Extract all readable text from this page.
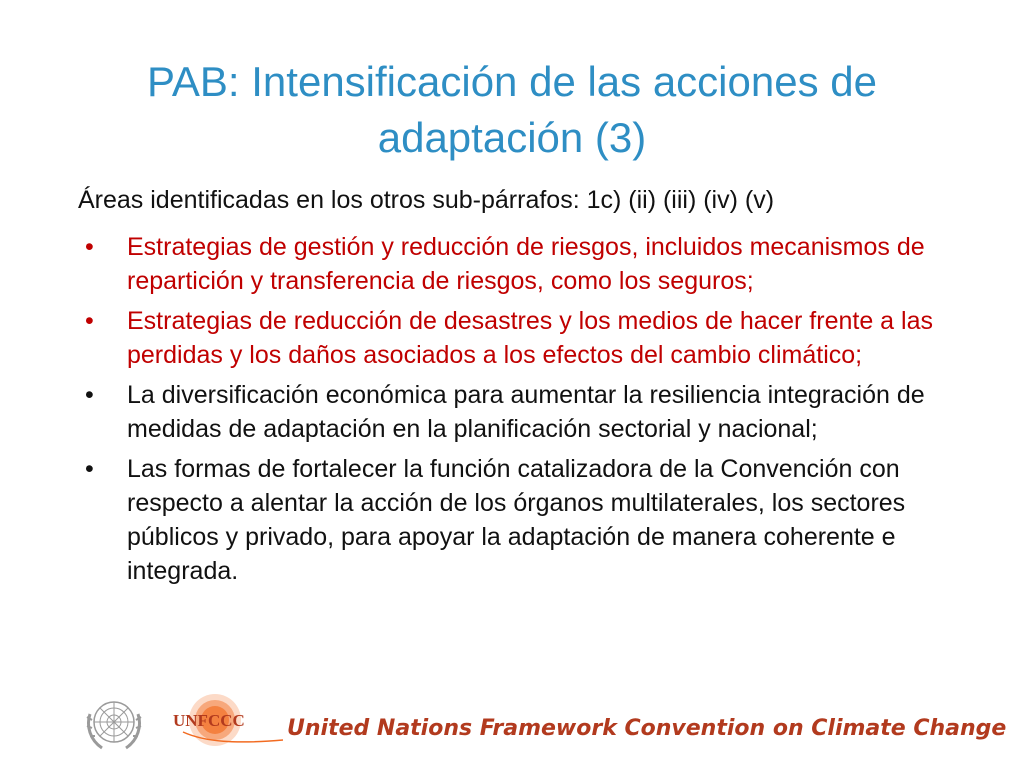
PAB: Intensificación de las acciones de adaptación (3)

Áreas identificadas en los otros sub-párrafos: 1c) (ii) (iii) (iv) (v)

•	Estrategias de gestión y reducción de riesgos, incluidos mecanismos de repartición y transferencia de riesgos, como los seguros;
•	Estrategias de reducción de desastres y los medios de hacer frente a las perdidas y los daños asociados a los efectos del cambio climático;
•	La diversificación económica para aumentar la resiliencia integración de medidas de adaptación en la planificación sectorial y nacional;
•	Las formas de fortalecer la función catalizadora de la Convención con respecto a alentar la acción de los órganos multilaterales, los sectores públicos y privado, para apoyar la adaptación de manera coherente e integrada.
UNFCCC United Nations Framework Convention on Climate Change
